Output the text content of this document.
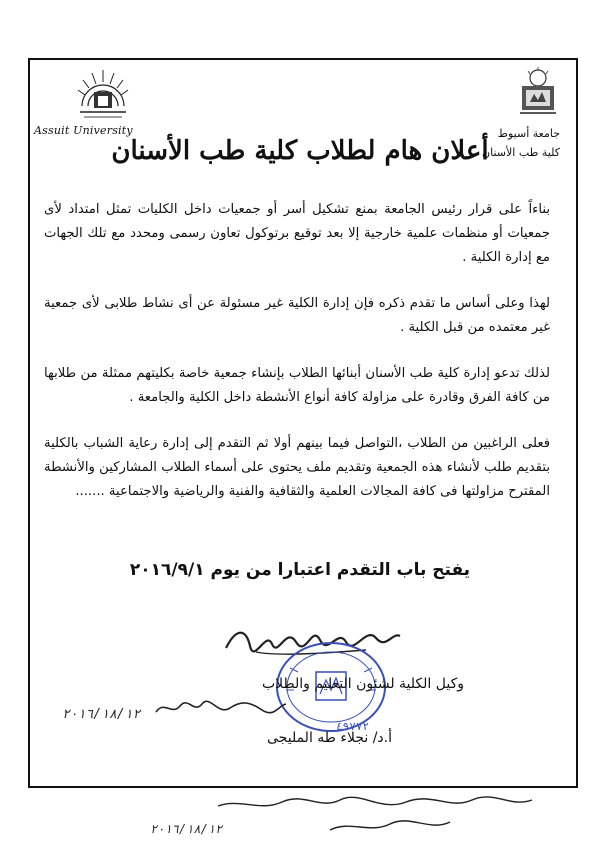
Assuit University	جامعة أسيوط
كلية طب الأسنان
أعلان هام لطلاب كلية طب الأسنان

بناءاً على قرار رئيس الجامعة بمنع تشكيل أسر أو جمعيات داخل الكليات تمثل امتداد لأى جمعيات أو منظمات علمية خارجية إلا بعد توقيع برتوكول تعاون رسمى ومحدد مع تلك الجهات مع إدارة الكلية .

لهذا وعلى أساس ما تقدم ذكره فإن إدارة الكلية غير مسئولة عن أى نشاط طلابى لأى جمعية غير معتمده من قبل الكلية .

لذلك تدعو إدارة كلية طب الأسنان أبنائها الطلاب بإنشاء جمعية خاصة بكليتهم ممثلة من طلابها من كافة الفرق وقادرة على مزاولة كافة أنواع الأنشطة داخل الكلية والجامعة .

فعلى الراغبين من الطلاب ،التواصل فيما بينهم أولا ثم التقدم إلى إدارة رعاية الشباب بالكلية بتقديم طلب لأنشاء هذه الجمعية وتقديم ملف يحتوى على أسماء الطلاب المشاركين والأنشطة المقترح مزاولتها فى كافة المجالات العلمية والثقافية والفنية والرياضية والاجتماعية .......

يفتح باب التقدم اعتبارا من يوم ٢٠١٦/٩/١
وكيل الكلية لشئون التعليم والطلاب
٢٠١٦/١٨/١٢
أ.د/ نجلاء طه المليجى
٤٩٧٧٢
٢٠١٦/١٨/١٢
